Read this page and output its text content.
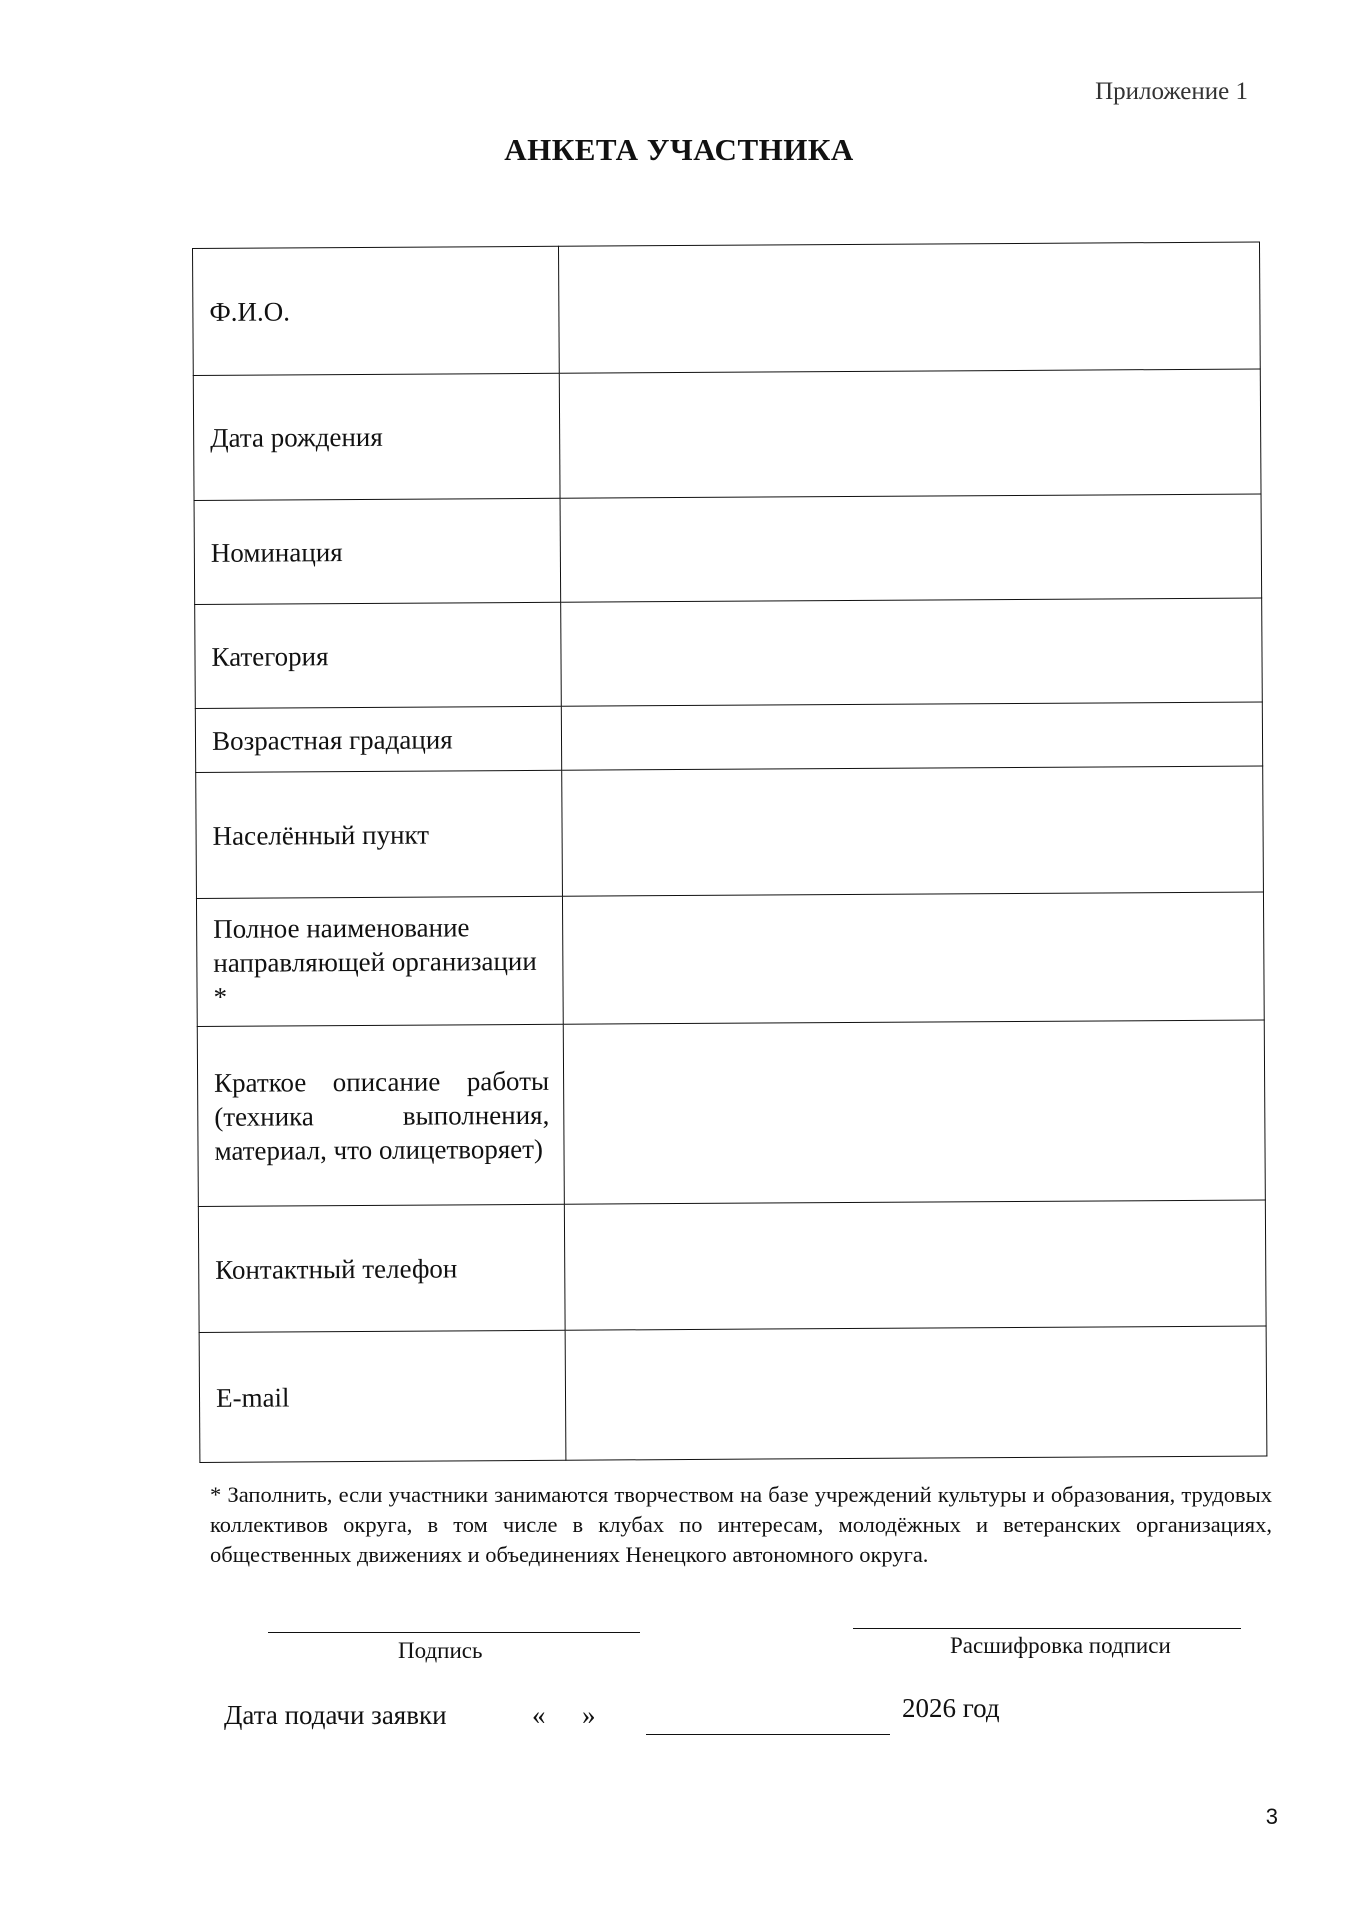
Приложение 1
АНКЕТА УЧАСТНИКА
Ф.И.О.	
Дата рождения	
Номинация	
Категория	
Возрастная градация	
Населённый пункт	
Полное наименование направляющей организации *	
Краткое описание работы (техника выполнения, материал, что олицетворяет)	
Контактный телефон	
E-mail	
* Заполнить, если участники занимаются творчеством на базе учреждений культуры и образования, трудовых коллективов округа, в том числе в клубах по интересам, молодёжных и ветеранских организациях, общественных движениях и объединениях Ненецкого автономного округа.
Подпись	Расшифровка подписи
Дата подачи заявки	« »	2026 год
3
